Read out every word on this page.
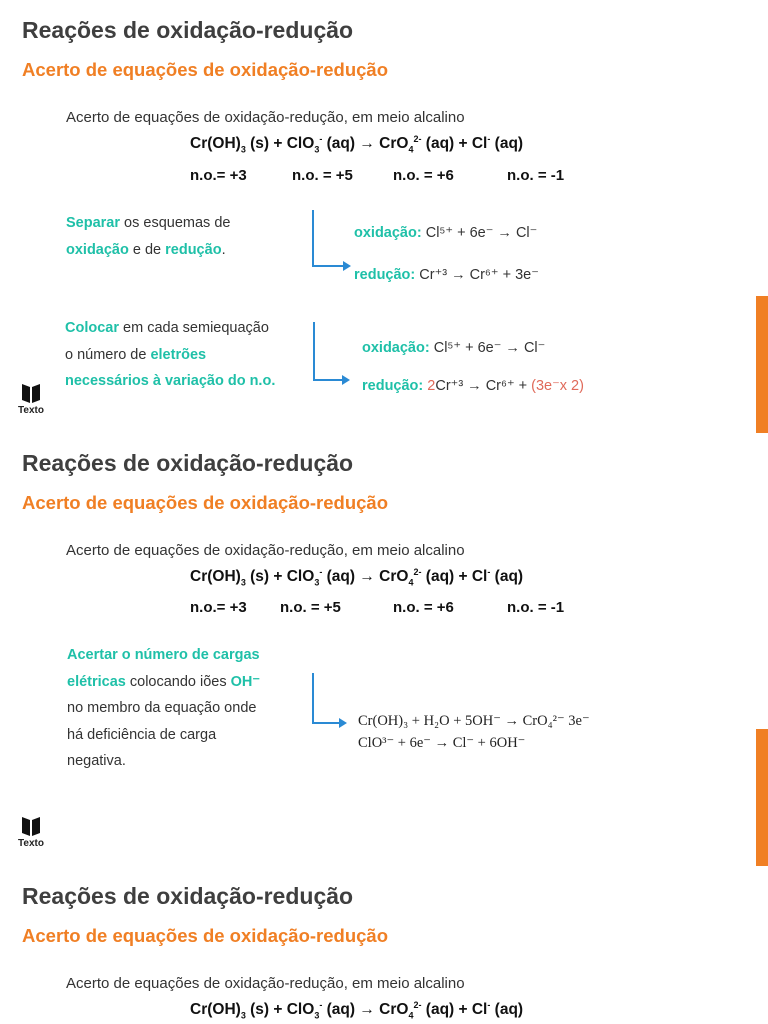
Reações de oxidação-redução
Acerto de equações de oxidação-redução
Acerto de equações de oxidação-redução, em meio alcalino
$Cr(OH)_3$ (s) + ClO$_3$- (aq) → CrO$_4^{2-}$ (aq) + Cl- (aq)
n.o.= +3	n.o. = +5	n.o. = +6	n.o. = -1
Separar os esquemas de
oxidação e de redução.
oxidação: Cl⁵⁺ + 6e⁻ → Cl⁻
redução: Cr⁺³ → Cr⁶⁺ + 3e⁻
Colocar em cada semiequação
o número de eletrões
necessários à variação do n.o.
oxidação: Cl⁵⁺ + 6e⁻ → Cl⁻
redução: 2Cr⁺³ → Cr⁶⁺ + (3e⁻x 2)
Texto
Reações de oxidação-redução
Acerto de equações de oxidação-redução
Acerto de equações de oxidação-redução, em meio alcalino
$Cr(OH)_3$ (s) + ClO$_3$- (aq) → CrO$_4^{2-}$ (aq) + Cl- (aq)
n.o.= +3 n.o. = +5	n.o. = +6	n.o. = -1
Acertar o número de cargas
elétricas colocando iões OH⁻
no membro da equação onde
há deficiência de carga
negativa.
Cr(OH)₃ + H₂O + 5OH⁻ → CrO₄²⁻ 3e⁻
ClO³⁻ + 6e⁻ → Cl⁻ + 6OH⁻
Texto
Reações de oxidação-redução
Acerto de equações de oxidação-redução
Acerto de equações de oxidação-redução, em meio alcalino
$Cr(OH)_3$ (s) + ClO$_3$- (aq) → CrO$_4^{2-}$ (aq) + Cl- (aq)
